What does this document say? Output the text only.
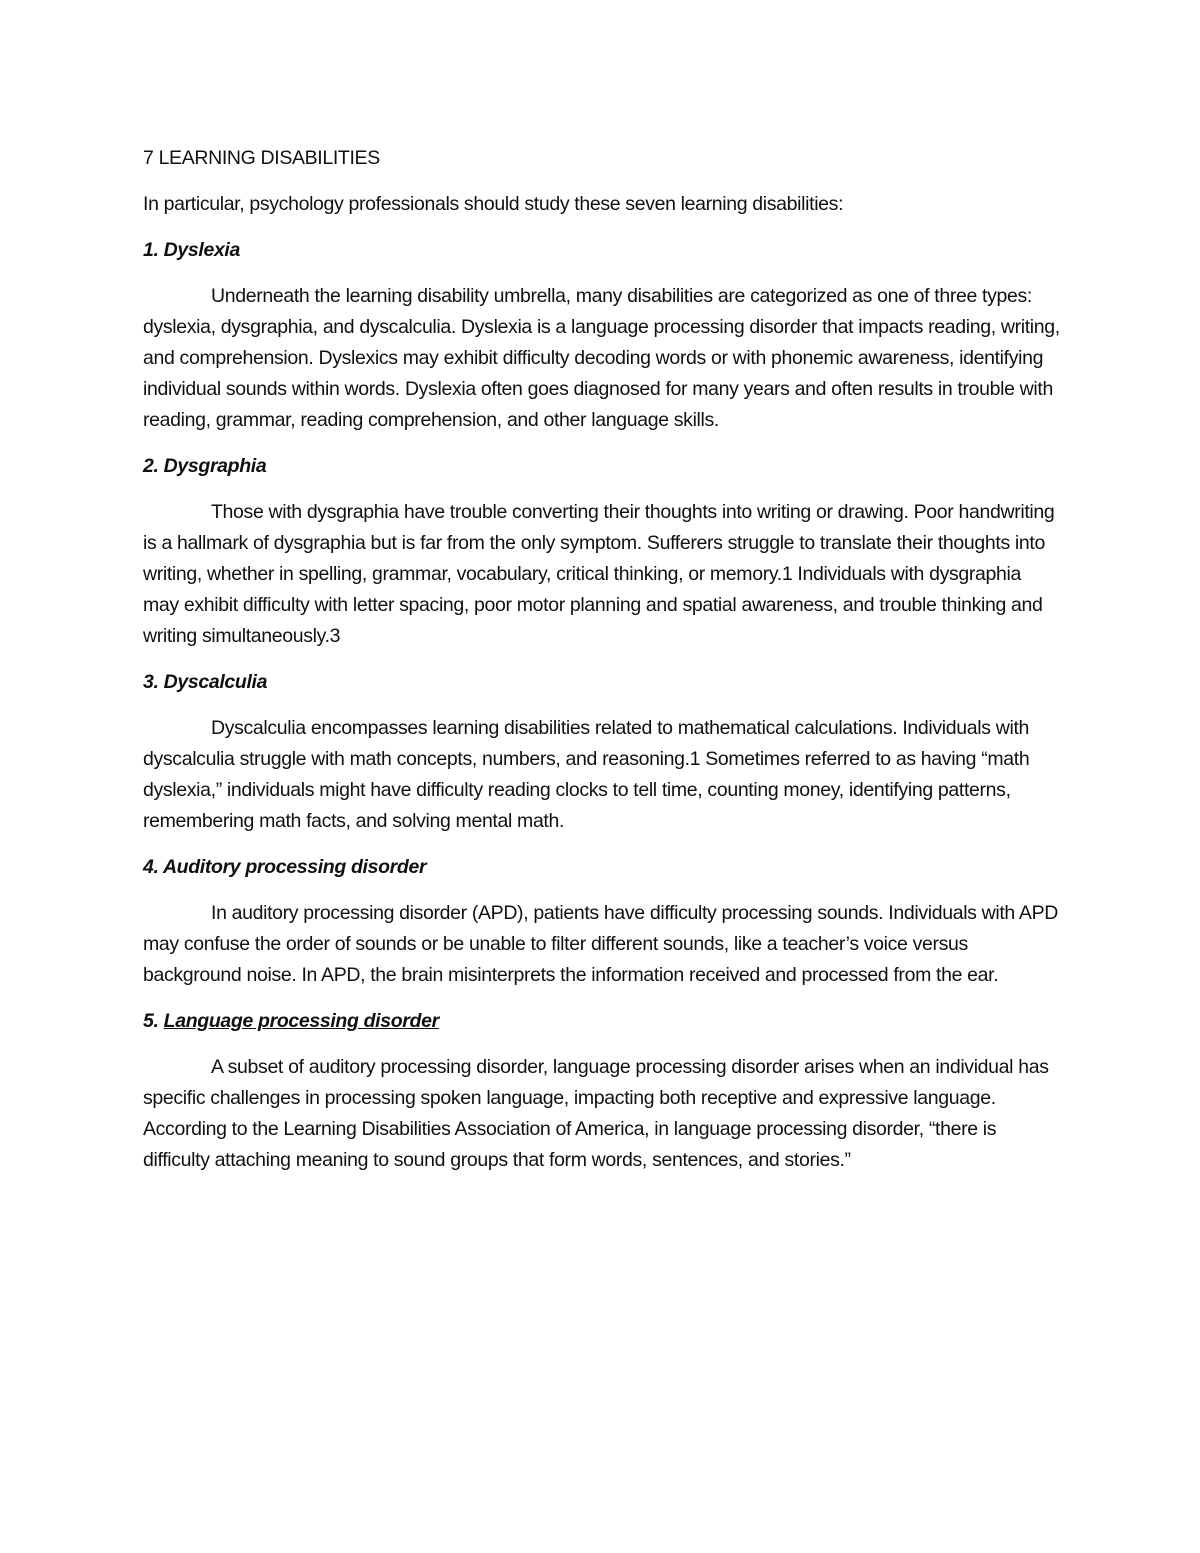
7 LEARNING DISABILITIES

In particular, psychology professionals should study these seven learning disabilities:

1. Dyslexia

Underneath the learning disability umbrella, many disabilities are categorized as one of three types: dyslexia, dysgraphia, and dyscalculia. Dyslexia is a language processing disorder that impacts reading, writing, and comprehension. Dyslexics may exhibit difficulty decoding words or with phonemic awareness, identifying individual sounds within words. Dyslexia often goes diagnosed for many years and often results in trouble with reading, grammar, reading comprehension, and other language skills.

2. Dysgraphia

Those with dysgraphia have trouble converting their thoughts into writing or drawing. Poor handwriting is a hallmark of dysgraphia but is far from the only symptom. Sufferers struggle to translate their thoughts into writing, whether in spelling, grammar, vocabulary, critical thinking, or memory.1 Individuals with dysgraphia may exhibit difficulty with letter spacing, poor motor planning and spatial awareness, and trouble thinking and writing simultaneously.3

3. Dyscalculia

Dyscalculia encompasses learning disabilities related to mathematical calculations. Individuals with dyscalculia struggle with math concepts, numbers, and reasoning.1 Sometimes referred to as having “math dyslexia,” individuals might have difficulty reading clocks to tell time, counting money, identifying patterns, remembering math facts, and solving mental math.

4. Auditory processing disorder

In auditory processing disorder (APD), patients have difficulty processing sounds. Individuals with APD may confuse the order of sounds or be unable to filter different sounds, like a teacher’s voice versus background noise. In APD, the brain misinterprets the information received and processed from the ear.

5. Language processing disorder

A subset of auditory processing disorder, language processing disorder arises when an individual has specific challenges in processing spoken language, impacting both receptive and expressive language. According to the Learning Disabilities Association of America, in language processing disorder, “there is difficulty attaching meaning to sound groups that form words, sentences, and stories.”
